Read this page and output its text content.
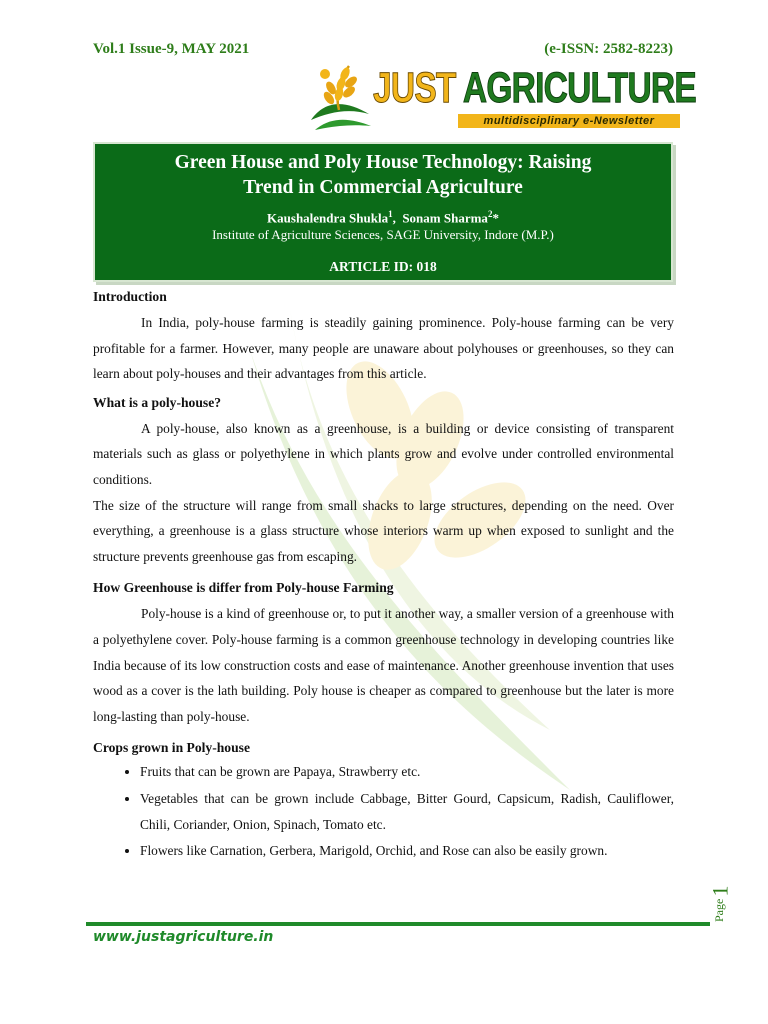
Vol.1 Issue-9, MAY 2021	(e-ISSN: 2582-8223)
JUST AGRICULTURE
multidisciplinary e-Newsletter
Green House and Poly House Technology: Raising
Trend in Commercial Agriculture
Kaushalendra Shukla$^1$,  Sonam Sharma$^2$*
Institute of Agriculture Sciences, SAGE University, Indore (M.P.)
ARTICLE ID: 018
Introduction

In India, poly-house farming is steadily gaining prominence. Poly-house farming can be very profitable for a farmer. However, many people are unaware about polyhouses or greenhouses, so they can learn about poly-houses and their advantages from this article.

What is a poly-house?

A poly-house, also known as a greenhouse, is a building or device consisting of transparent materials such as glass or polyethylene in which plants grow and evolve under controlled environmental conditions.

The size of the structure will range from small shacks to large structures, depending on the need. Over everything, a greenhouse is a glass structure whose interiors warm up when exposed to sunlight and the structure prevents greenhouse gas from escaping.

How Greenhouse is differ from Poly-house Farming

Poly-house is a kind of greenhouse or, to put it another way, a smaller version of a greenhouse with a polyethylene cover. Poly-house farming is a common greenhouse technology in developing countries like India because of its low construction costs and ease of maintenance. Another greenhouse invention that uses wood as a cover is the lath building. Poly house is cheaper as compared to greenhouse but the later is more long-lasting than poly-house.

Crops grown in Poly-house
• Fruits that can be grown are Papaya, Strawberry etc.
• Vegetables that can be grown include Cabbage, Bitter Gourd, Capsicum, Radish, Cauliflower, Chili, Coriander, Onion, Spinach, Tomato etc.
• Flowers like Carnation, Gerbera, Marigold, Orchid, and Rose can also be easily grown.
www.justagriculture.in
1
Page
